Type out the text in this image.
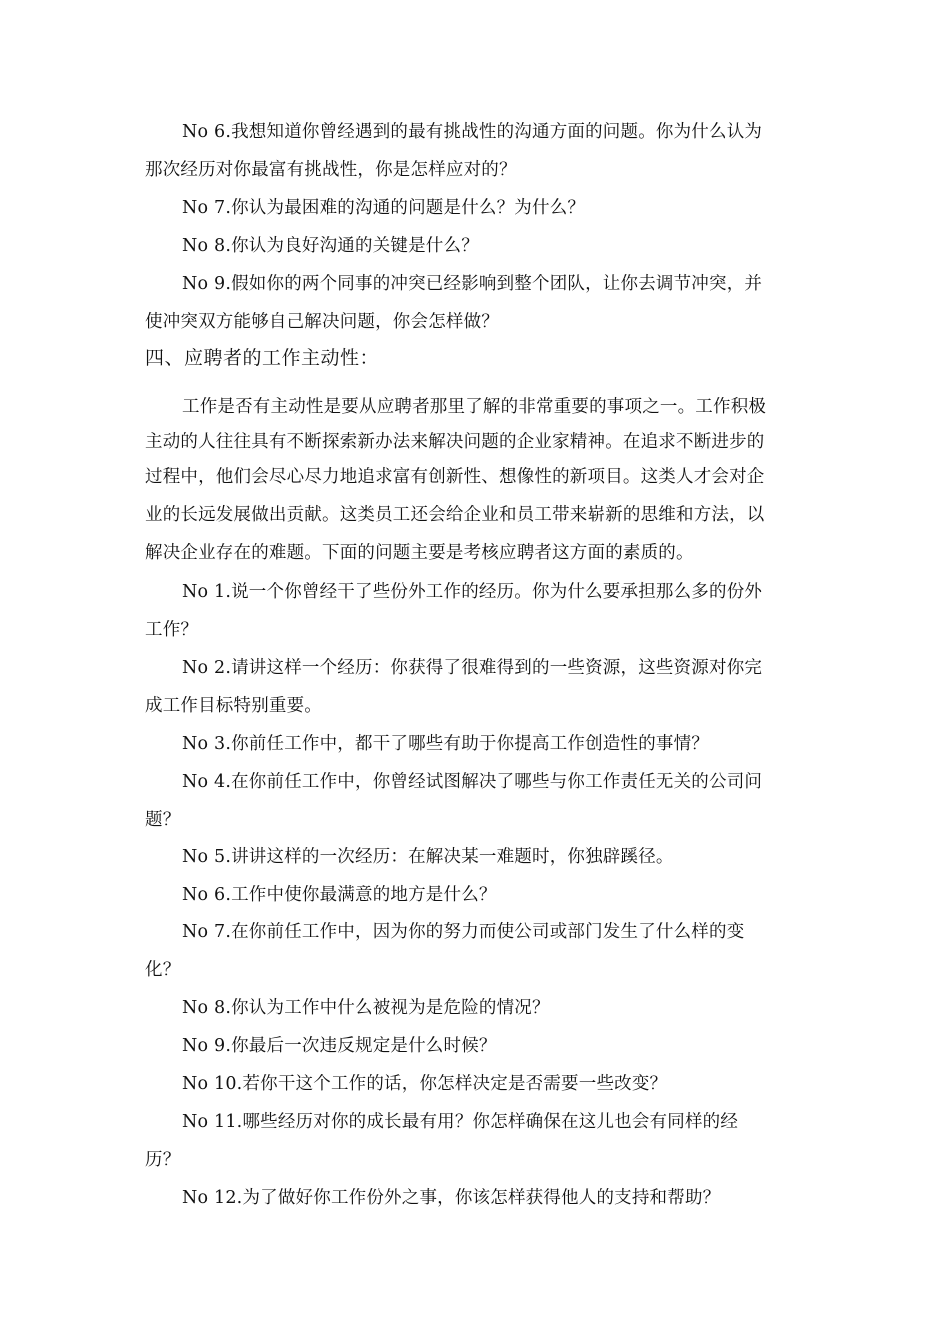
No 6.我想知道你曾经遇到的最有挑战性的沟通方面的问题。你为什么认为
那次经历对你最富有挑战性，你是怎样应对的？
No 7.你认为最困难的沟通的问题是什么？为什么？
No 8.你认为良好沟通的关键是什么？
No 9.假如你的两个同事的冲突已经影响到整个团队，让你去调节冲突，并
使冲突双方能够自己解决问题，你会怎样做？
四、应聘者的工作主动性：
工作是否有主动性是要从应聘者那里了解的非常重要的事项之一。工作积极
主动的人往往具有不断探索新办法来解决问题的企业家精神。在追求不断进步的
过程中，他们会尽心尽力地追求富有创新性、想像性的新项目。这类人才会对企
业的长远发展做出贡献。这类员工还会给企业和员工带来崭新的思维和方法，以
解决企业存在的难题。下面的问题主要是考核应聘者这方面的素质的。
No 1.说一个你曾经干了些份外工作的经历。你为什么要承担那么多的份外
工作？
No 2.请讲这样一个经历：你获得了很难得到的一些资源，这些资源对你完
成工作目标特别重要。
No 3.你前任工作中，都干了哪些有助于你提高工作创造性的事情？
No 4.在你前任工作中，你曾经试图解决了哪些与你工作责任无关的公司问
题？
No 5.讲讲这样的一次经历：在解决某一难题时，你独辟蹊径。
No 6.工作中使你最满意的地方是什么？
No 7.在你前任工作中，因为你的努力而使公司或部门发生了什么样的变
化？
No 8.你认为工作中什么被视为是危险的情况？
No 9.你最后一次违反规定是什么时候？
No 10.若你干这个工作的话，你怎样决定是否需要一些改变？
No 11.哪些经历对你的成长最有用？你怎样确保在这儿也会有同样的经
历？
No 12.为了做好你工作份外之事，你该怎样获得他人的支持和帮助？
